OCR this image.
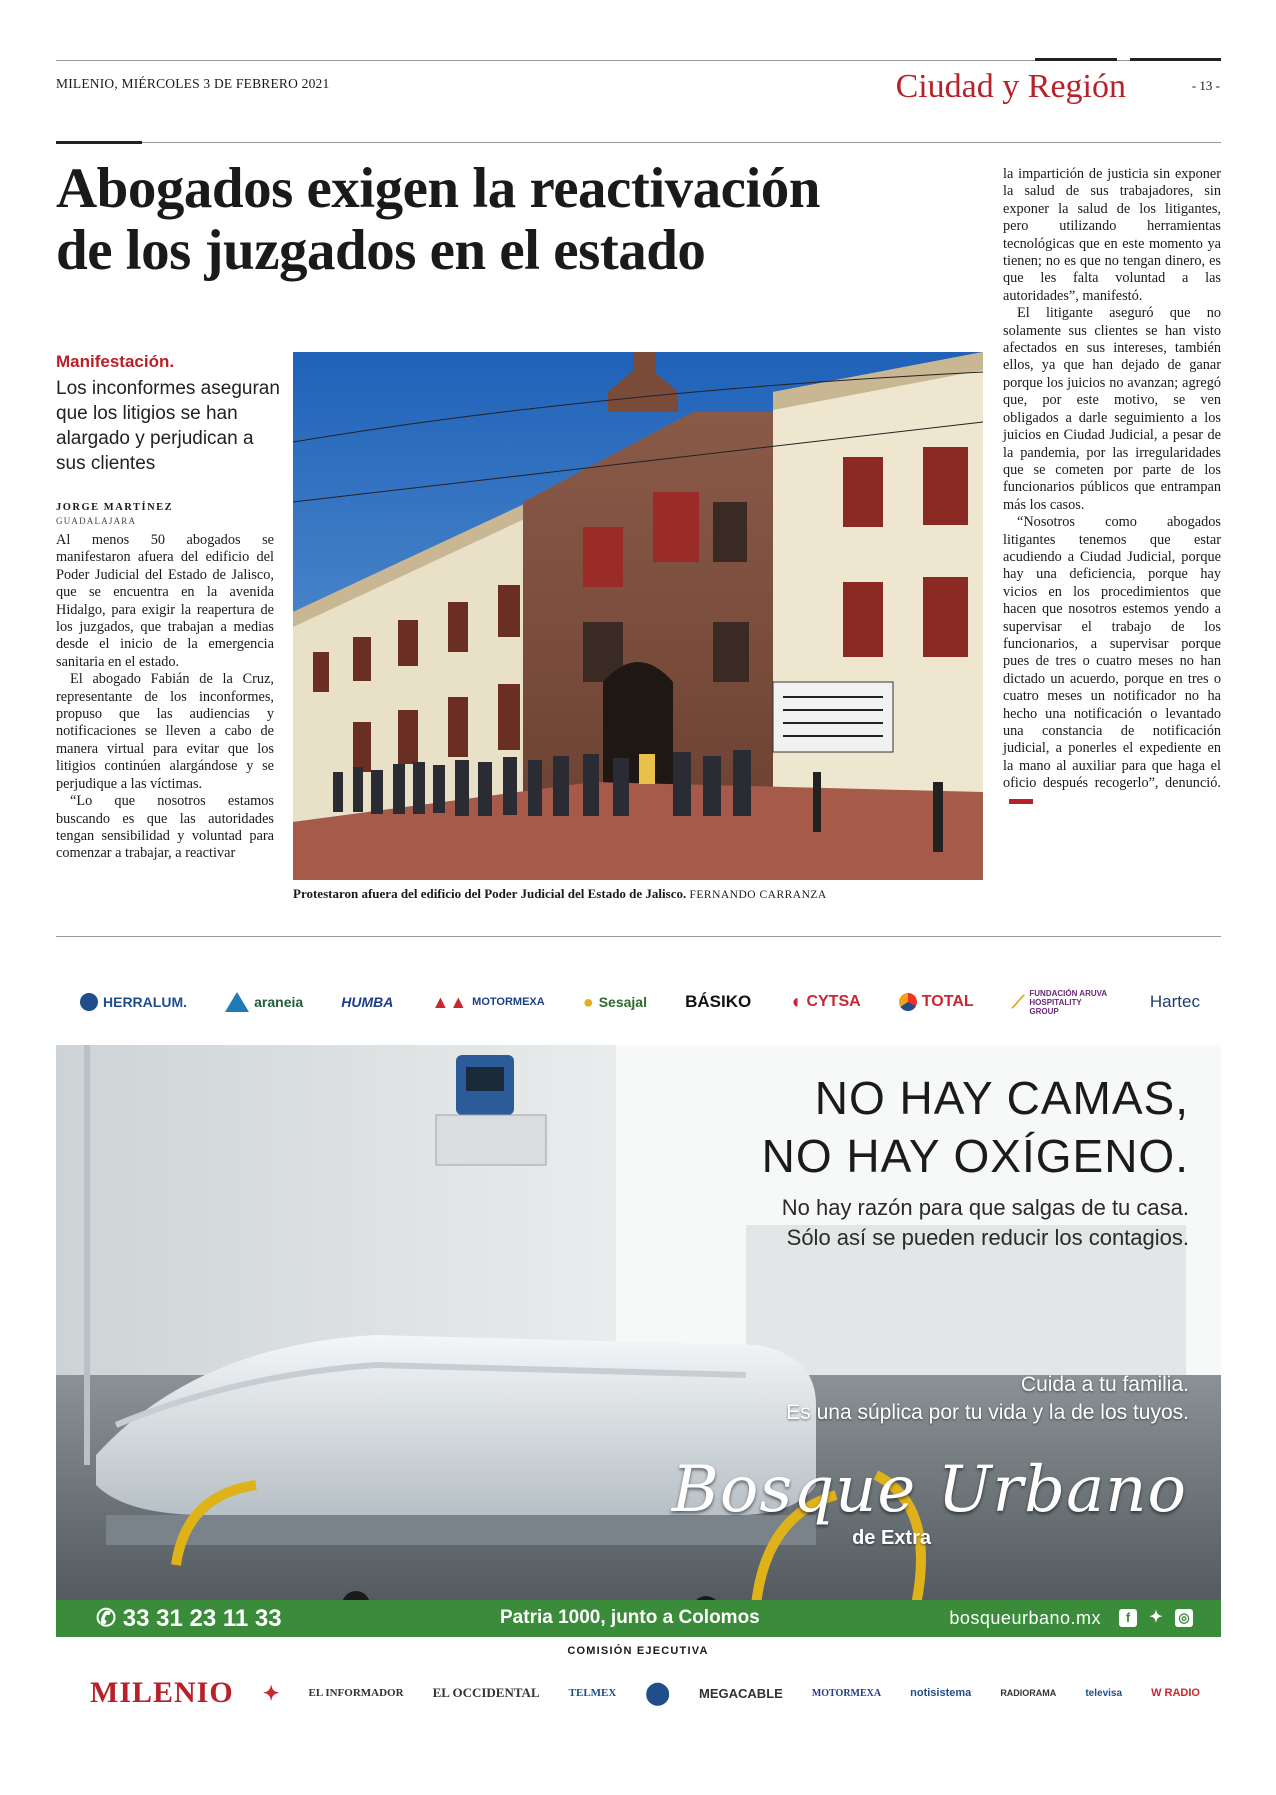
MILENIO, MIÉRCOLES 3 DE FEBRERO 2021	Ciudad y Región	- 13 -
Abogados exigen la reactivación
de los juzgados en el estado
Manifestación.
Los inconformes aseguran que los litigios se han alargado y perjudican a sus clientes
JORGE MARTÍNEZ
GUADALAJARA

Al menos 50 abogados se manifestaron afuera del edificio del Poder Judicial del Estado de Jalisco, que se encuentra en la avenida Hidalgo, para exigir la reapertura de los juzgados, que trabajan a medias desde el inicio de la emergencia sanitaria en el estado.

El abogado Fabián de la Cruz, representante de los inconformes, propuso que las audiencias y notificaciones se lleven a cabo de manera virtual para evitar que los litigios continúen alargándose y se perjudique a las víctimas.

“Lo que nosotros estamos buscando es que las autoridades tengan sensibilidad y voluntad para comenzar a trabajar, a reactivar

Protestaron afuera del edificio del Poder Judicial del Estado de Jalisco. FERNANDO CARRANZA

la impartición de justicia sin exponer la salud de sus trabajadores, sin exponer la salud de los litigantes, pero utilizando herramientas tecnológicas que en este momento ya tienen; no es que no tengan dinero, es que les falta voluntad a las autoridades”, manifestó.

El litigante aseguró que no solamente sus clientes se han visto afectados en sus intereses, también ellos, ya que han dejado de ganar porque los juicios no avanzan; agregó que, por este motivo, se ven obligados a darle seguimiento a los juicios en Ciudad Judicial, a pesar de la pandemia, por las irregularidades que se cometen por parte de los funcionarios públicos que entrampan más los casos.

“Nosotros como abogados litigantes tenemos que estar acudiendo a Ciudad Judicial, porque hay una deficiencia, porque hay vicios en los procedimientos que hacen que nosotros estemos yendo a supervisar el trabajo de los funcionarios, a supervisar porque pues de tres o cuatro meses no han dictado un acuerdo, porque en tres o cuatro meses un notificador no ha hecho una notificación o levantado una constancia de notificación judicial, a ponerles el expediente en la mano al auxiliar para que haga el oficio después recogerlo”, denunció.

HERRALUM.	araneia	HUMBA ▲▲ MOTORMEXA ● Sesajal BÁSIKO ◖ CYTSA	TOTAL ⟋ FUNDACIÓN ARUVA HOSPITALITY GROUP	Hartec
NO HAY CAMAS,
NO HAY OXÍGENO.
No hay razón para que salgas de tu casa.
Sólo así se pueden reducir los contagios.
Cuida a tu familia.
Es una súplica por tu vida y la de los tuyos.
Bosque Urbano
de Extra
✆ 33 31 23 11 33	Patria 1000, junto a Colomos	bosqueurbano.mx	f	✦ ◎
COMISIÓN EJECUTIVA
MILENIO ✦	EL INFORMADOR EL OCCIDENTAL	TELMEX ⬤ MEGACABLE	MOTORMEXA	notisistema	RADIORAMA	televisa	W RADIO
